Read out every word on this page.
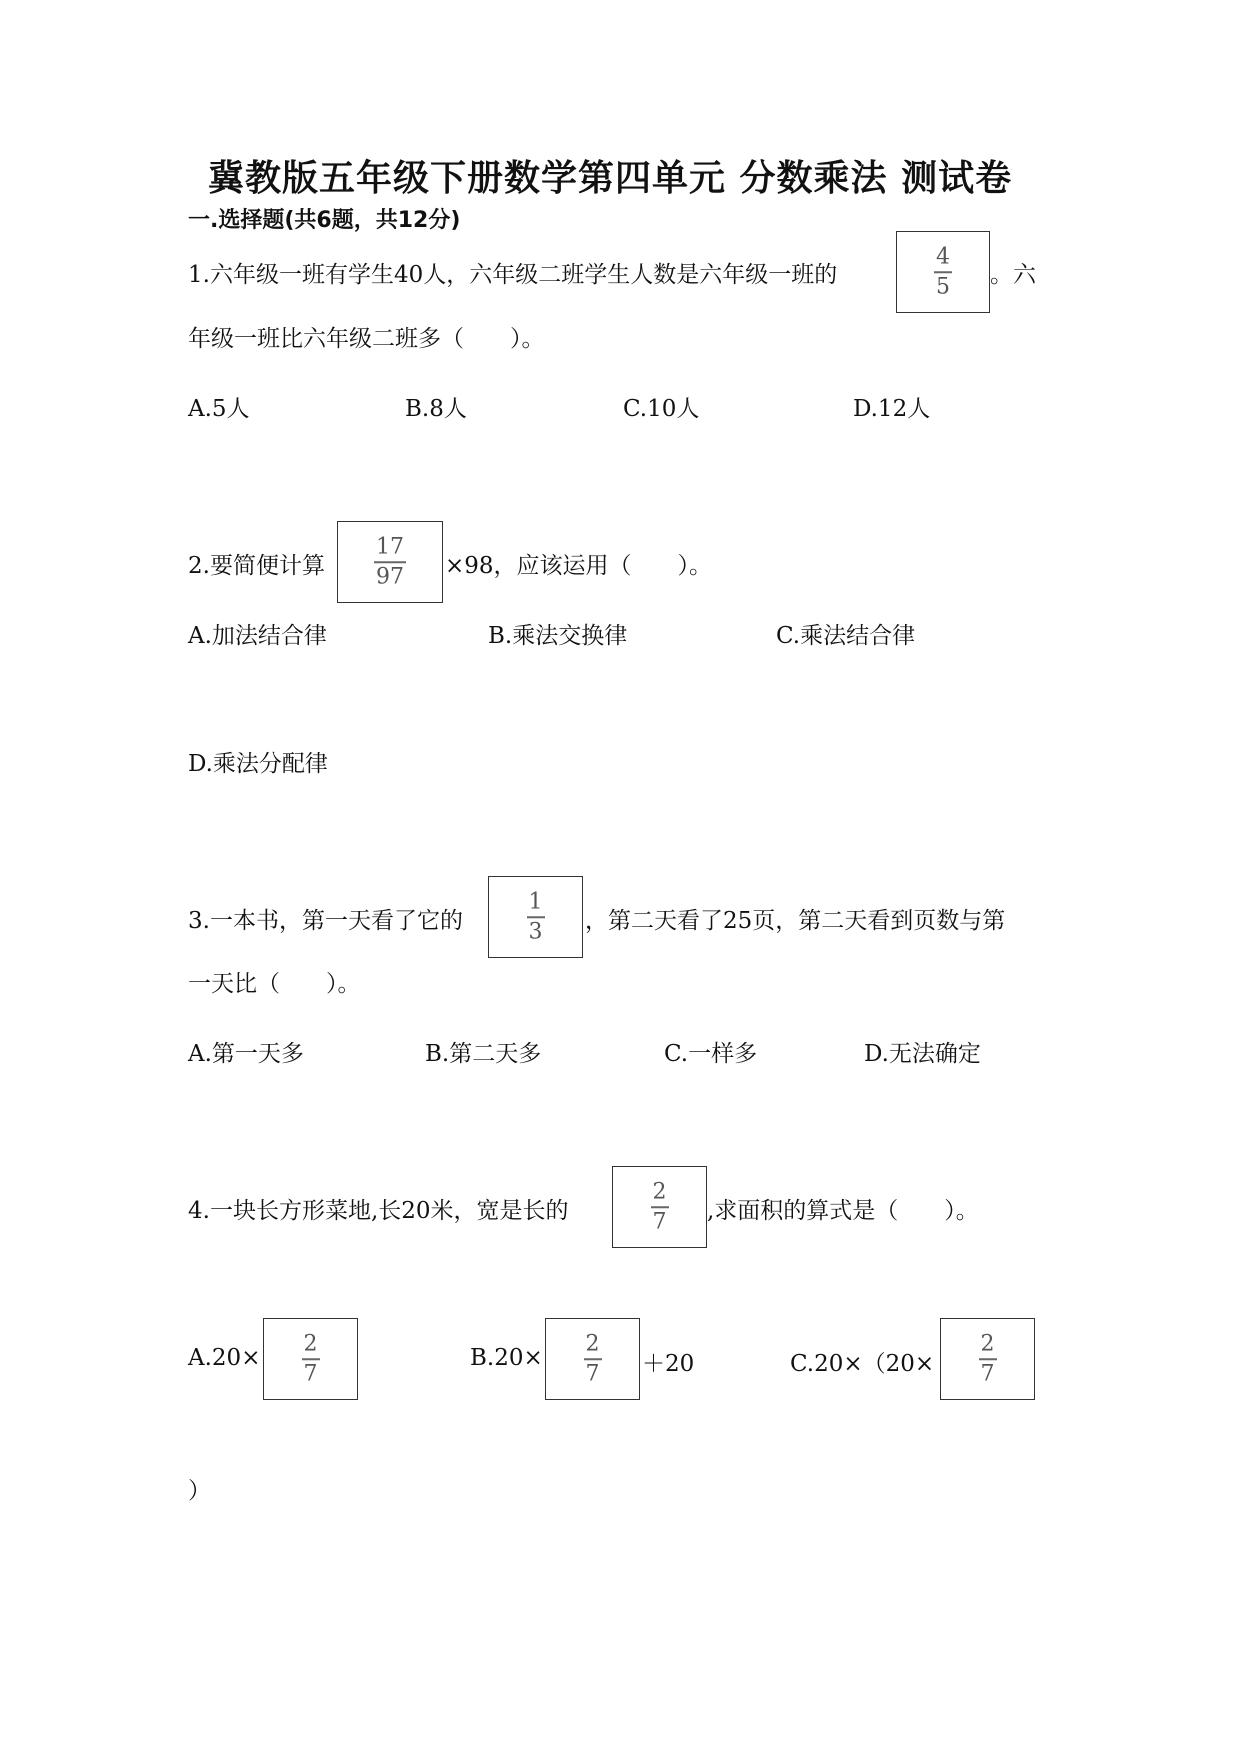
冀教版五年级下册数学第四单元 分数乘法 测试卷
一.选择题(共6题，共12分)
1.六年级一班有学生40人，六年级二班学生人数是六年级一班的
4
5 。六
年级一班比六年级二班多（　　）。
A.5人	B.8人	C.10人	D.12人
2.要简便计算
17
97 ×98，应该运用（　　）。
A.加法结合律	B.乘法交换律	C.乘法结合律
D.乘法分配律
3.一本书，第一天看了它的
1
3 ，第二天看了25页，第二天看到页数与第
一天比（　　）。
A.第一天多	B.第二天多	C.一样多	D.无法确定
4.一块长方形菜地,长20米，宽是长的
2
7 ,求面积的算式是（　　）。
A.20×
2
7
B.20×
2
7 ＋20	C.20×（20×
2
7
）
